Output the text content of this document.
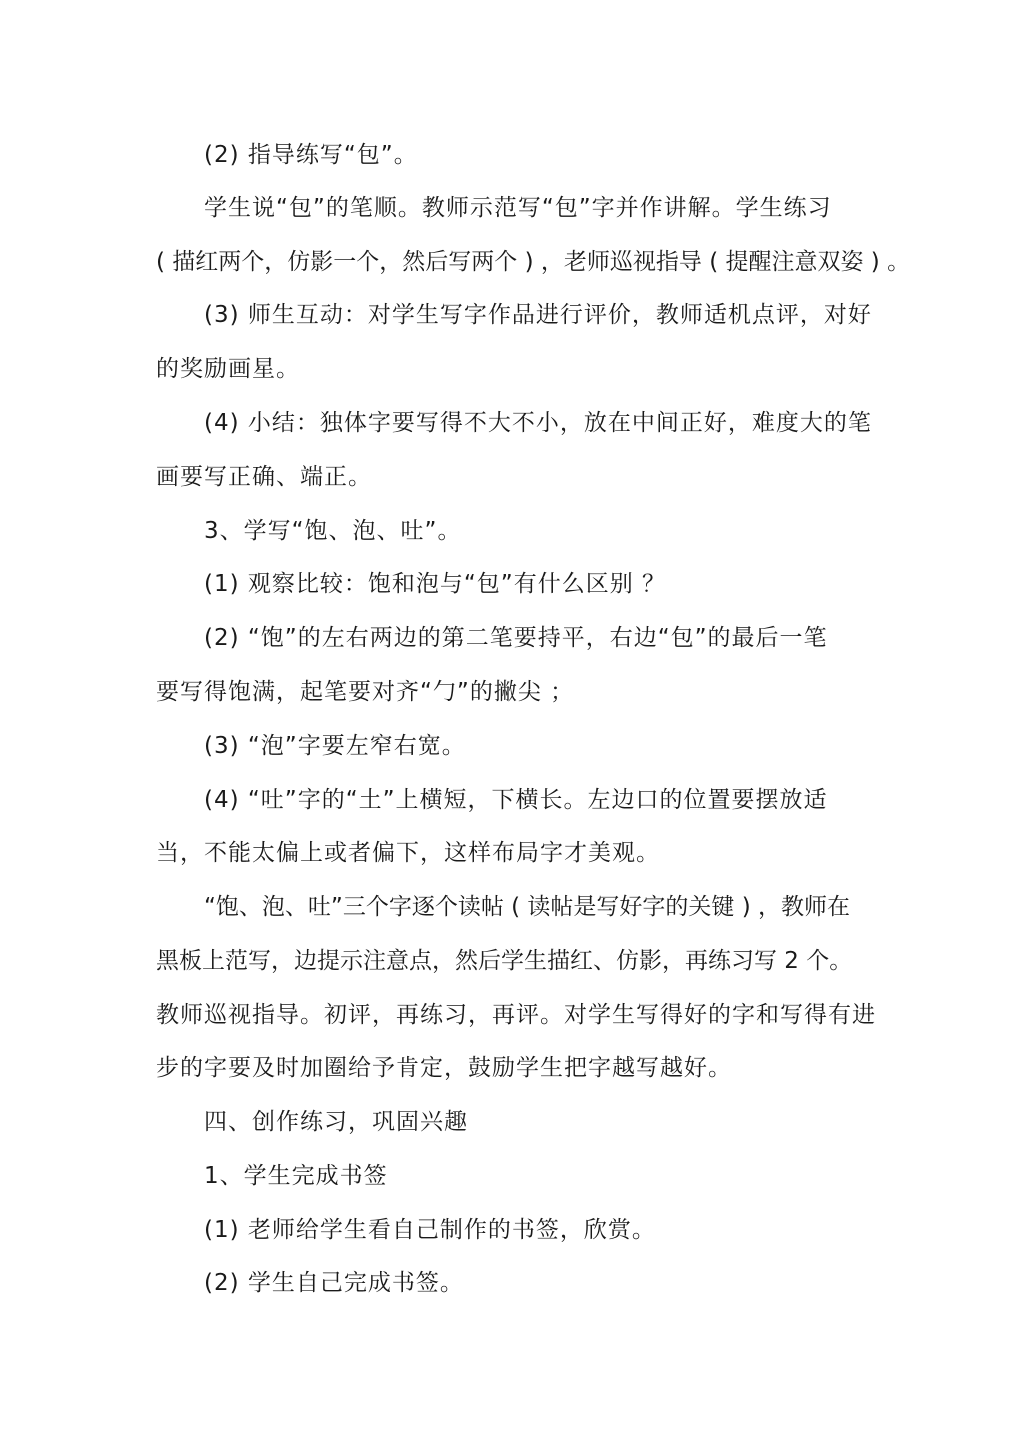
(2) 指导练写“包”。
学生说“包”的笔顺。教师示范写“包”字并作讲解。学生练习
( 描红两个，仿影一个，然后写两个 ) ，老师巡视指导 ( 提醒注意双姿 ) 。
(3) 师生互动：对学生写字作品进行评价，教师适机点评，对好
的奖励画星。
(4) 小结：独体字要写得不大不小，放在中间正好，难度大的笔
画要写正确、端正。
3、学写“饱、泡、吐”。
(1) 观察比较：饱和泡与“包”有什么区别 ？
(2) “饱”的左右两边的第二笔要持平，右边“包”的最后一笔
要写得饱满，起笔要对齐“勹”的撇尖 ；
(3) “泡”字要左窄右宽。
(4) “吐”字的“土”上横短，下横长。左边口的位置要摆放适
当，不能太偏上或者偏下，这样布局字才美观。
“饱、泡、吐”三个字逐个读帖 ( 读帖是写好字的关键 ) ，教师在
黑板上范写，边提示注意点，然后学生描红、仿影，再练习写 2 个。
教师巡视指导。初评，再练习，再评。对学生写得好的字和写得有进
步的字要及时加圈给予肯定，鼓励学生把字越写越好。
四、创作练习，巩固兴趣
1、学生完成书签
(1) 老师给学生看自己制作的书签，欣赏。
(2) 学生自己完成书签。
